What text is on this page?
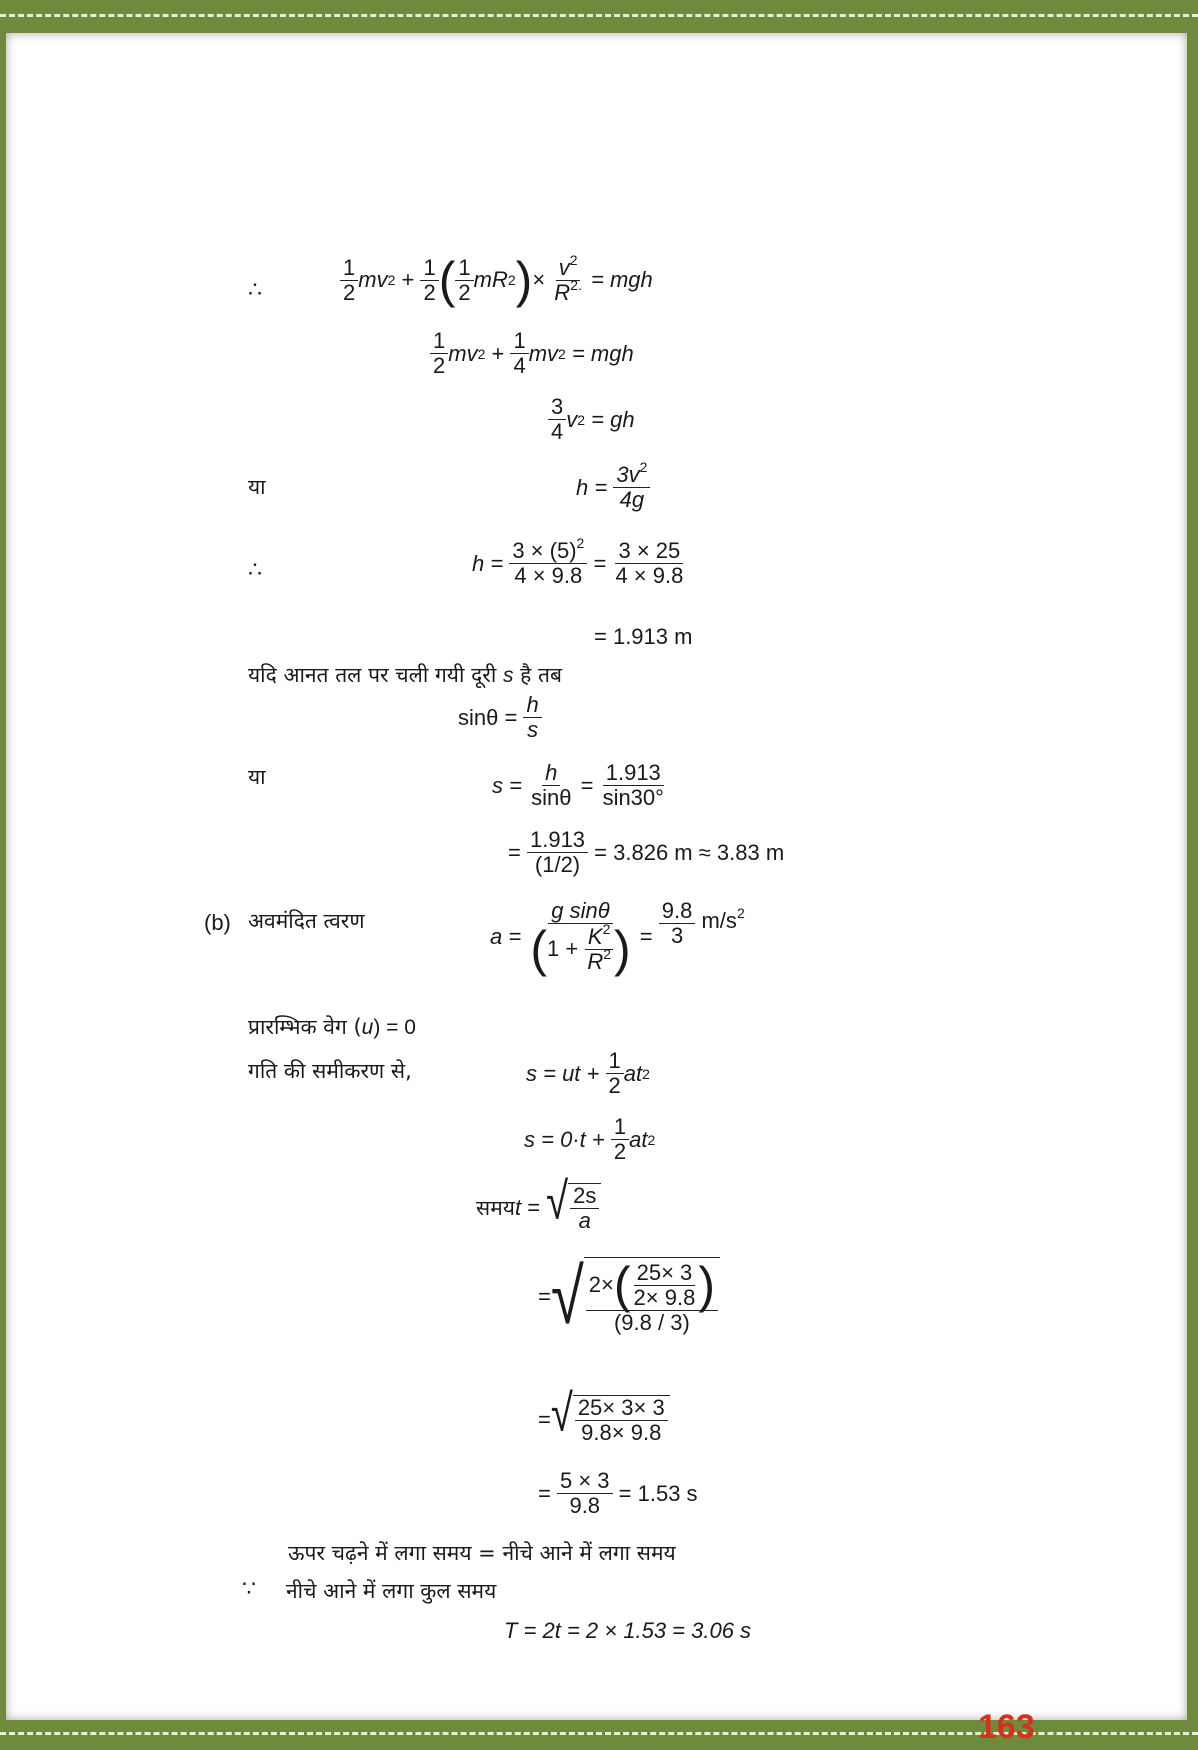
∴
1
2 mv 2
+
$\frac{1}{2}$ ( 1
2 mR 2 ) ×
$\frac{v^2}{R^{2.}}$
= mgh
1
2 mv 2 + 1
4 mv 2
= mgh
3
4 v 2
= gh
या	h =
$\frac{3v^2}{4g}$
∴	h =
$\frac{3 \times (5)^2}{4 \times 9.8}$
=
$\frac{3 \times 25}{4 \times 9.8}$
= 1.913 m
यदि आनत तल पर चली गयी दूरी s है तब
sinθ =
$\frac{h}{s}$
या	s =
$\frac{h}{\sin\theta}$
=
$\frac{1.913}{\sin 30^\circ}$
=
$\frac{1.913}{(1/2)}$
= 3.826 m ≈ 3.83 m
(b) अवमंदित त्वरण
a =
g sinθ
( 1 +
$\frac{K^2}{R^2}$ )
=
$\frac{9.8}{3}$
$m/s^2$
प्रारम्भिक वेग (u) = 0
गति की समीकरण से,	s = ut +
$\frac{1}{2}$ at 2
s = 0·t +
$\frac{1}{2}$ at 2
समय t
=
√ 2s
a
= √ 2× ( 25× 3
2× 9.8 )
(9.8 / 3)
= √ 25× 3× 3
9.8× 9.8
=
$\frac{5 \times 3}{9.8}$
= 1.53 s
ऊपर चढ़ने में लगा समय = नीचे आने में लगा समय
∵ नीचे आने में लगा कुल समय
T = 2t = 2 × 1.53 = 3.06 s
163
